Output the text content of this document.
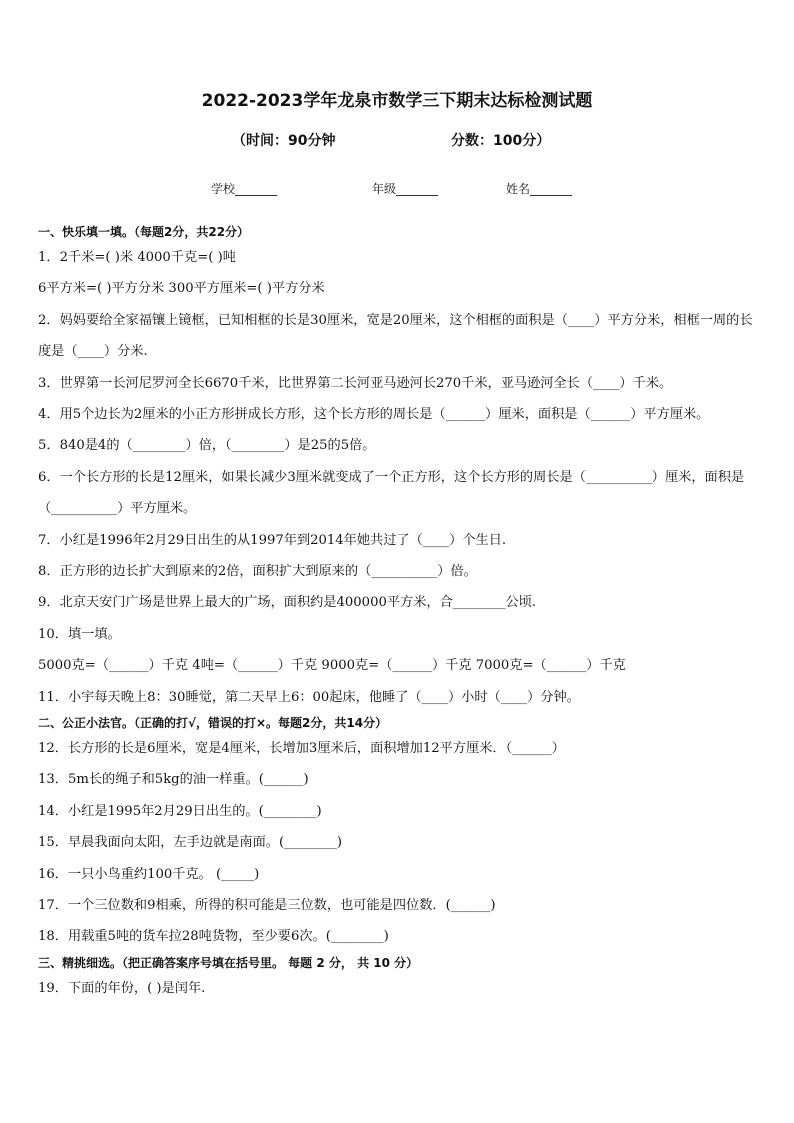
2022-2023学年龙泉市数学三下期末达标检测试题
（时间：90分钟	分数：100分）
学校_______	年级_______	姓名_______
一、快乐填一填。（每题2分，共22分）
1．2千米=( )米 4000千克=( )吨
6平方米=( )平方分米 300平方厘米=( )平方分米
2．妈妈要给全家福镶上镜框，已知相框的长是30厘米，宽是20厘米，这个相框的面积是（____）平方分米，相框一周的长度是（____）分米.
3．世界第一长河尼罗河全长6670千米，比世界第二长河亚马逊河长270千米，亚马逊河全长（____）千米。
4．用5个边长为2厘米的小正方形拼成长方形，这个长方形的周长是（______）厘米，面积是（______）平方厘米。
5．840是4的（________）倍，（________）是25的5倍。
6．一个长方形的长是12厘米，如果长减少3厘米就变成了一个正方形，这个长方形的周长是（__________）厘米，面积是（__________）平方厘米。
7．小红是1996年2月29日出生的从1997年到2014年她共过了（____）个生日.
8．正方形的边长扩大到原来的2倍，面积扩大到原来的（__________）倍。
9．北京天安门广场是世界上最大的广场，面积约是400000平方米，合________公顷.
10．填一填。
5000克=（______）千克 4吨=（______）千克 9000克=（______）千克 7000克=（______）千克
11．小宇每天晚上8：30睡觉，第二天早上6：00起床，他睡了（____）小时（____）分钟。
二、公正小法官。（正确的打√，错误的打×。每题2分，共14分）
12．长方形的长是6厘米，宽是4厘米，长增加3厘米后，面积增加12平方厘米．（______）
13．5m长的绳子和5kg的油一样重。(______)
14．小红是1995年2月29日出生的。(________)
15．早晨我面向太阳，左手边就是南面。(________)
16．一只小鸟重约100千克。 (_____)
17．一个三位数和9相乘，所得的积可能是三位数，也可能是四位数．(______)
18．用载重5吨的货车拉28吨货物，至少要6次。(________)
三、精挑细选。（把正确答案序号填在括号里。 每题 2 分， 共 10 分）
19．下面的年份，( )是闰年.
